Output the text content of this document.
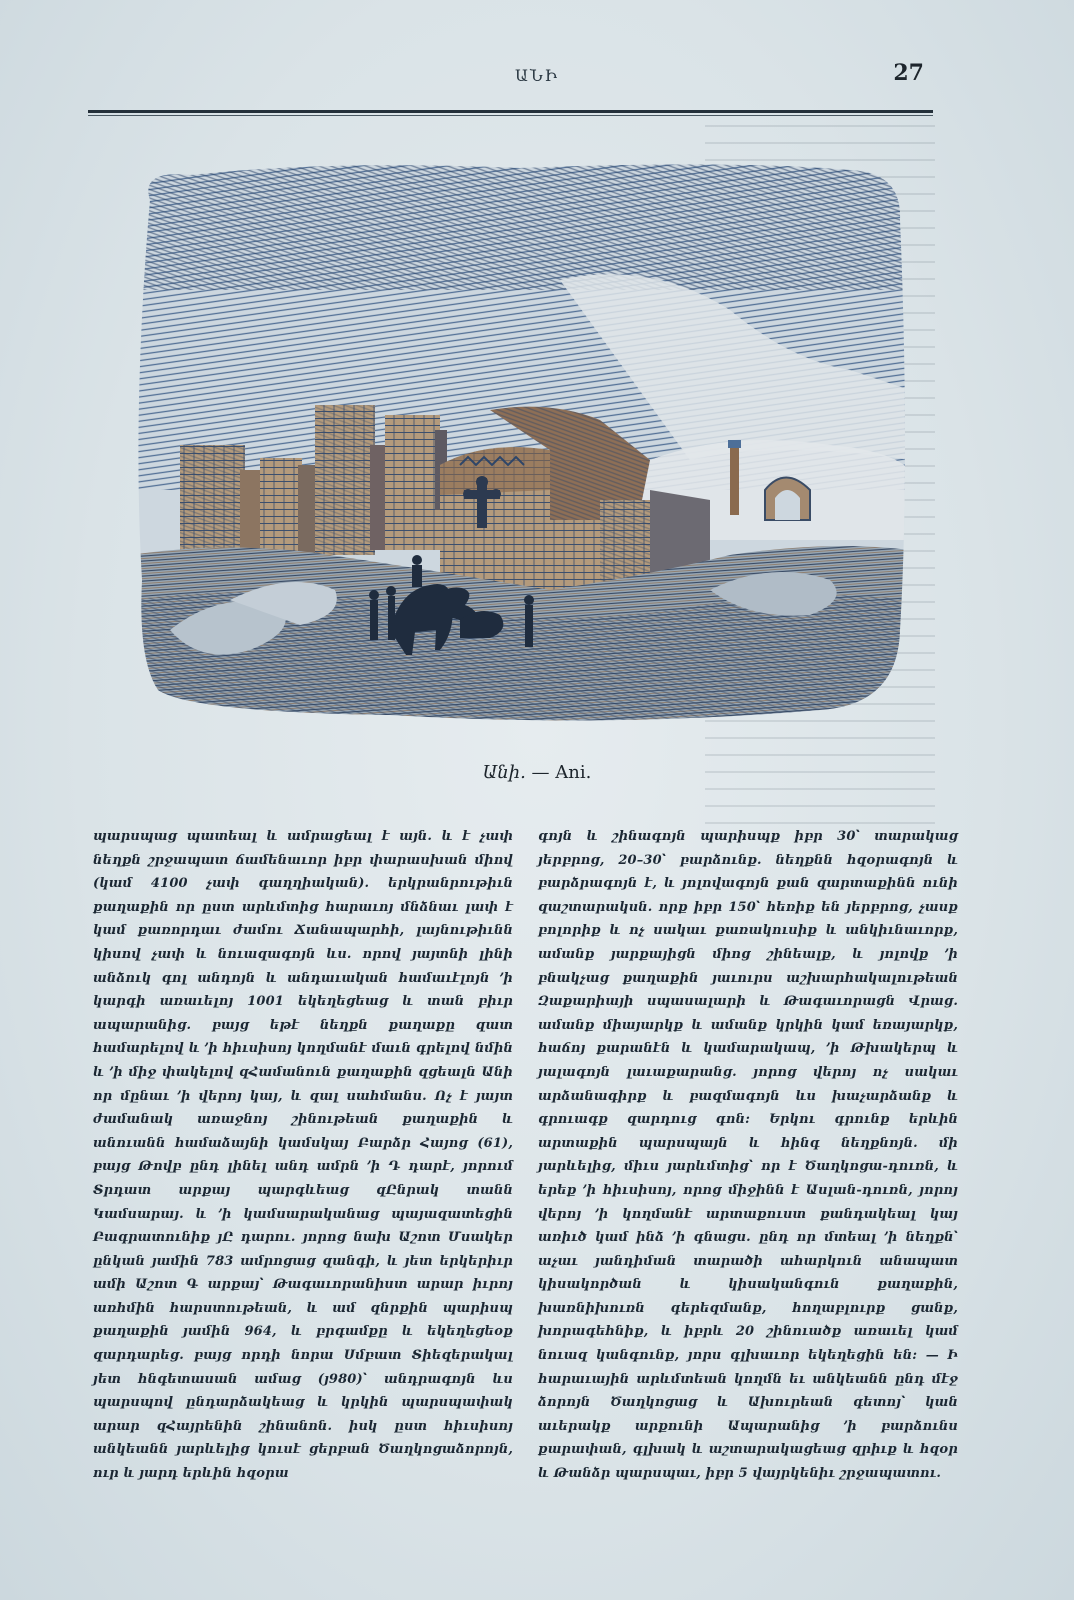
ԱՆԻ	27
Անի. — Ani.

պարսպաց պատեալ և ամրացեալ է այն. և է չափ նեղքն շրջապատ ճամենաւոր իբր փարասխան միով (կամ 4100 չափ գաղղիական). երկրանրութիւն քաղաքին որ ըստ արևմտից հարաւոյ մնձնաւ լափ է կամ քառորդաւ ժամու Ճանապարհի, լայնութիւնն կիսով չափ և նուազագոյն ևս. որով յայտնի լինի անձուկ գոլ անդոյն և անդաւական համաւէլոյն ՚ի կարգի առաւելոյ 1001 եկեղեցեաց և տան բիւր ապարանից. բայց եթէ նեղքն քաղաքը զատ համարելով և ՚ի հիւսիսոյ կողմանէ մաւն գրելով նմին և ՚ի միջ փակելով զՀամանուն քաղաքին զցեալն Անի որ մընաւ ՚ի վերոյ կայ, և զալ սահմանս. Ոչ է յայտ ժամանակ առաջնոյ շինութեան քաղաքին և անուանն համաձայնի կամսկայ Բարձր Հայոց (61), բայց Թովբ ընդ լինել անդ ամրն ՚ի Դ դարէ, յորում Տրդատ արքայ պարգևեաց զԸնրակ տանն Կամսարայ. և ՚ի կամսարականաց պայազատեցին Բագրատունիք յԸ դարու. յորոց նախ Աշոտ Մսակեր ընկան յամին 783 ամրոցաց զանգի, և յետ երկերիւր ամի Աշոտ Գ արքայ՝ Թագաւորանիստ արար իւրոյ առհմին հարստութեան, և ամ զնրքին պարիսպ քաղաքին յամին 964, և բրգամքը և եկեղեցեօք զարդարեց. բայց որդի նորա Սմբատ Տիեզերակալ յետ հնգետասան ամաց (յ980)՝ անդրագոյն ևս պարսպով ընդարձակեաց և կրկին պարսպափակ արար զՀայրենին շինանոն. իսկ ըստ հիւսիսոյ անկեանն յարևելից կուսէ ցերբան Ծաղկոցաձորոյն, ուր և յարդ երևին հզօրա

գոյն և շինագոյն պարիսպք իբր 30՝ տարակաց յերբրոց, 20–30՝ բարձունք. նեղքնն հզօրագոյն և բարձրագոյն է, և յոլովագոյն քան զարտաքինն ունի զաշտարակսն. որք իբր 150՝ հեռիք են յերբրոց, չասք բոլորիք և ոչ սակաւ քառակուսիք և անկիւնաւորք, ամանք յարքայիցն միոց շինեալք, և յոլովք ՚ի բնակչաց քաղաքին յաւուրս աշխարհակալութեան Զաքարիայի սպասալարի և Թագաւորացն Վրաց. ամանք միայարկք և ամանք կրկին կամ եռայարկք, հաճոյ քարանէն և կամարակապ, ՚ի Թխակերպ և յալագոյն լաւաքարանց. յորոց վերոյ ոչ սակաւ արձանագիրք և բազմագոյն ևս խաչարձանք և գրուագք զարդուց գոն: Երկու գրունք երևին արտաքին պարսպայն և հինգ նեղքնոյն. մի յարևելից, միւս յարևմտից՝ որ է Ծաղկոցա-դուռն, և երեք ՚ի հիւսիսոյ, որոց միջինն է Ասլան-դուռն, յորոյ վերոյ ՚ի կողմանէ արտաքուստ քանդակեալ կայ առիւծ կամ ինձ ՚ի գնացս. ընդ որ մտեալ ՚ի նեղքն՝ աչաւ յանդիման տարածի ահարկուն անապատ կիսակործան և կիսականգուն քաղաքին, խառնիխուռն գերեզմանք, հողաբլուրք ցանք, խորագեհնիք, և իբրև 20 շինուածք առաւել կամ նուազ կանգունք, յորս գլխաւոր եկեղեցին են: — Ի հարաւային արևմտեան կողմն եւ անկեանն ընդ մէջ ձորոյն Ծաղկոցաց և Ախուրեան գետոյ՝ կան աւերակք արքունի Ապարանից ՚ի բարձունս քարափան, գլխակ և աշտարակացեաց զրիւք և հզօր և Թանձր պարսպաւ, իբր 5 վայրկենիւ շրջապատու.
